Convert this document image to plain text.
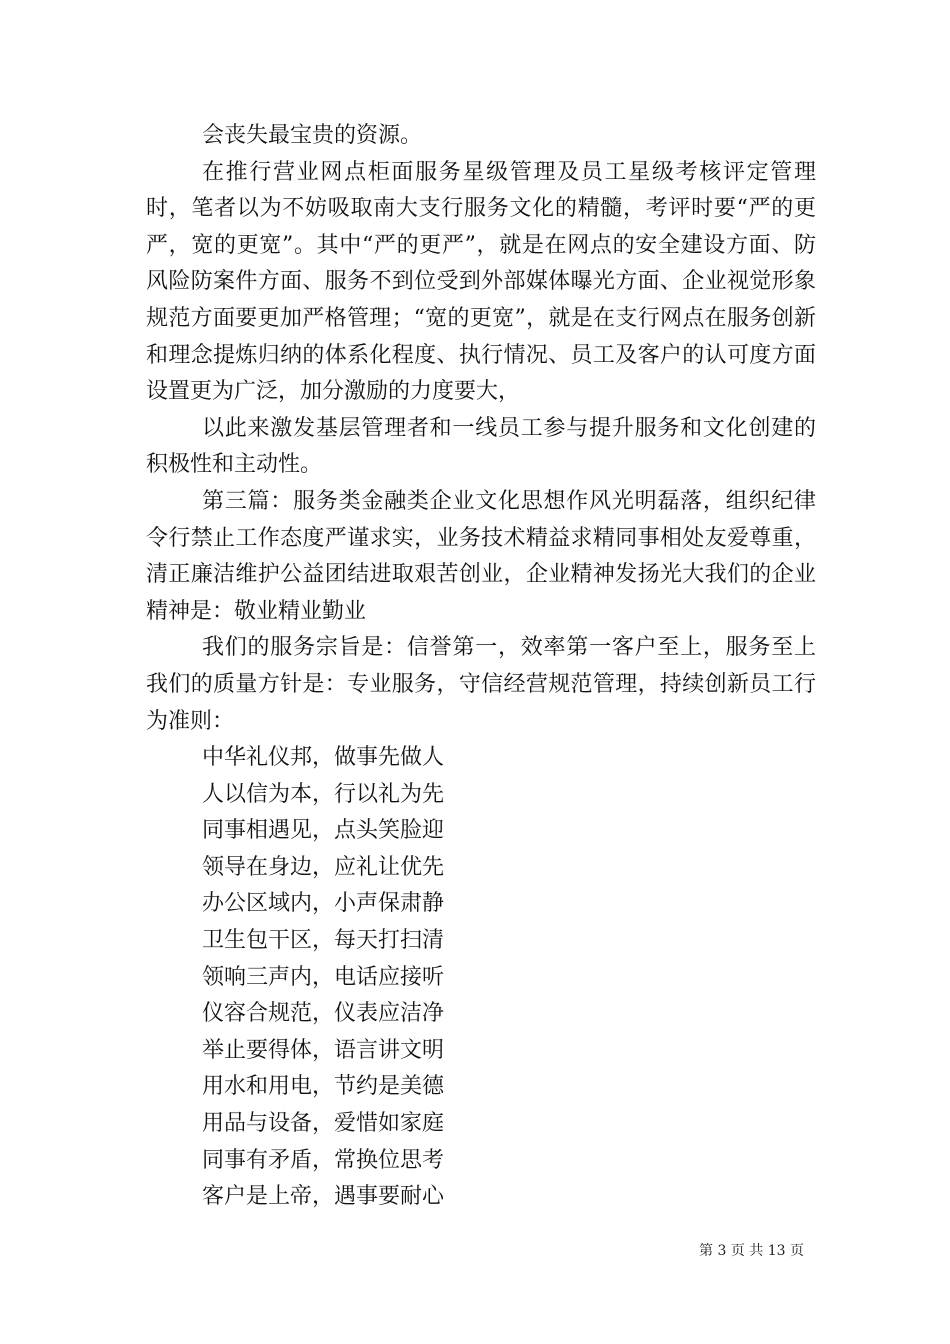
会丧失最宝贵的资源。

在推行营业网点柜面服务星级管理及员工星级考核评定管理时，笔者以为不妨吸取南大支行服务文化的精髓，考评时要“严的更严，宽的更宽”。其中“严的更严”，就是在网点的安全建设方面、防风险防案件方面、服务不到位受到外部媒体曝光方面、企业视觉形象规范方面要更加严格管理；“宽的更宽”，就是在支行网点在服务创新和理念提炼归纳的体系化程度、执行情况、员工及客户的认可度方面设置更为广泛，加分激励的力度要大，

以此来激发基层管理者和一线员工参与提升服务和文化创建的积极性和主动性。

第三篇：服务类金融类企业文化思想作风光明磊落，组织纪律令行禁止工作态度严谨求实，业务技术精益求精同事相处友爱尊重，清正廉洁维护公益团结进取艰苦创业，企业精神发扬光大我们的企业精神是：敬业精业勤业

我们的服务宗旨是：信誉第一，效率第一客户至上，服务至上我们的质量方针是：专业服务，守信经营规范管理，持续创新员工行为准则：

中华礼仪邦，做事先做人

人以信为本，行以礼为先

同事相遇见，点头笑脸迎

领导在身边，应礼让优先

办公区域内，小声保肃静

卫生包干区，每天打扫清

领响三声内，电话应接听

仪容合规范，仪表应洁净

举止要得体，语言讲文明

用水和用电，节约是美德

用品与设备，爱惜如家庭

同事有矛盾，常换位思考

客户是上帝，遇事要耐心

第 3 页 共 13 页
